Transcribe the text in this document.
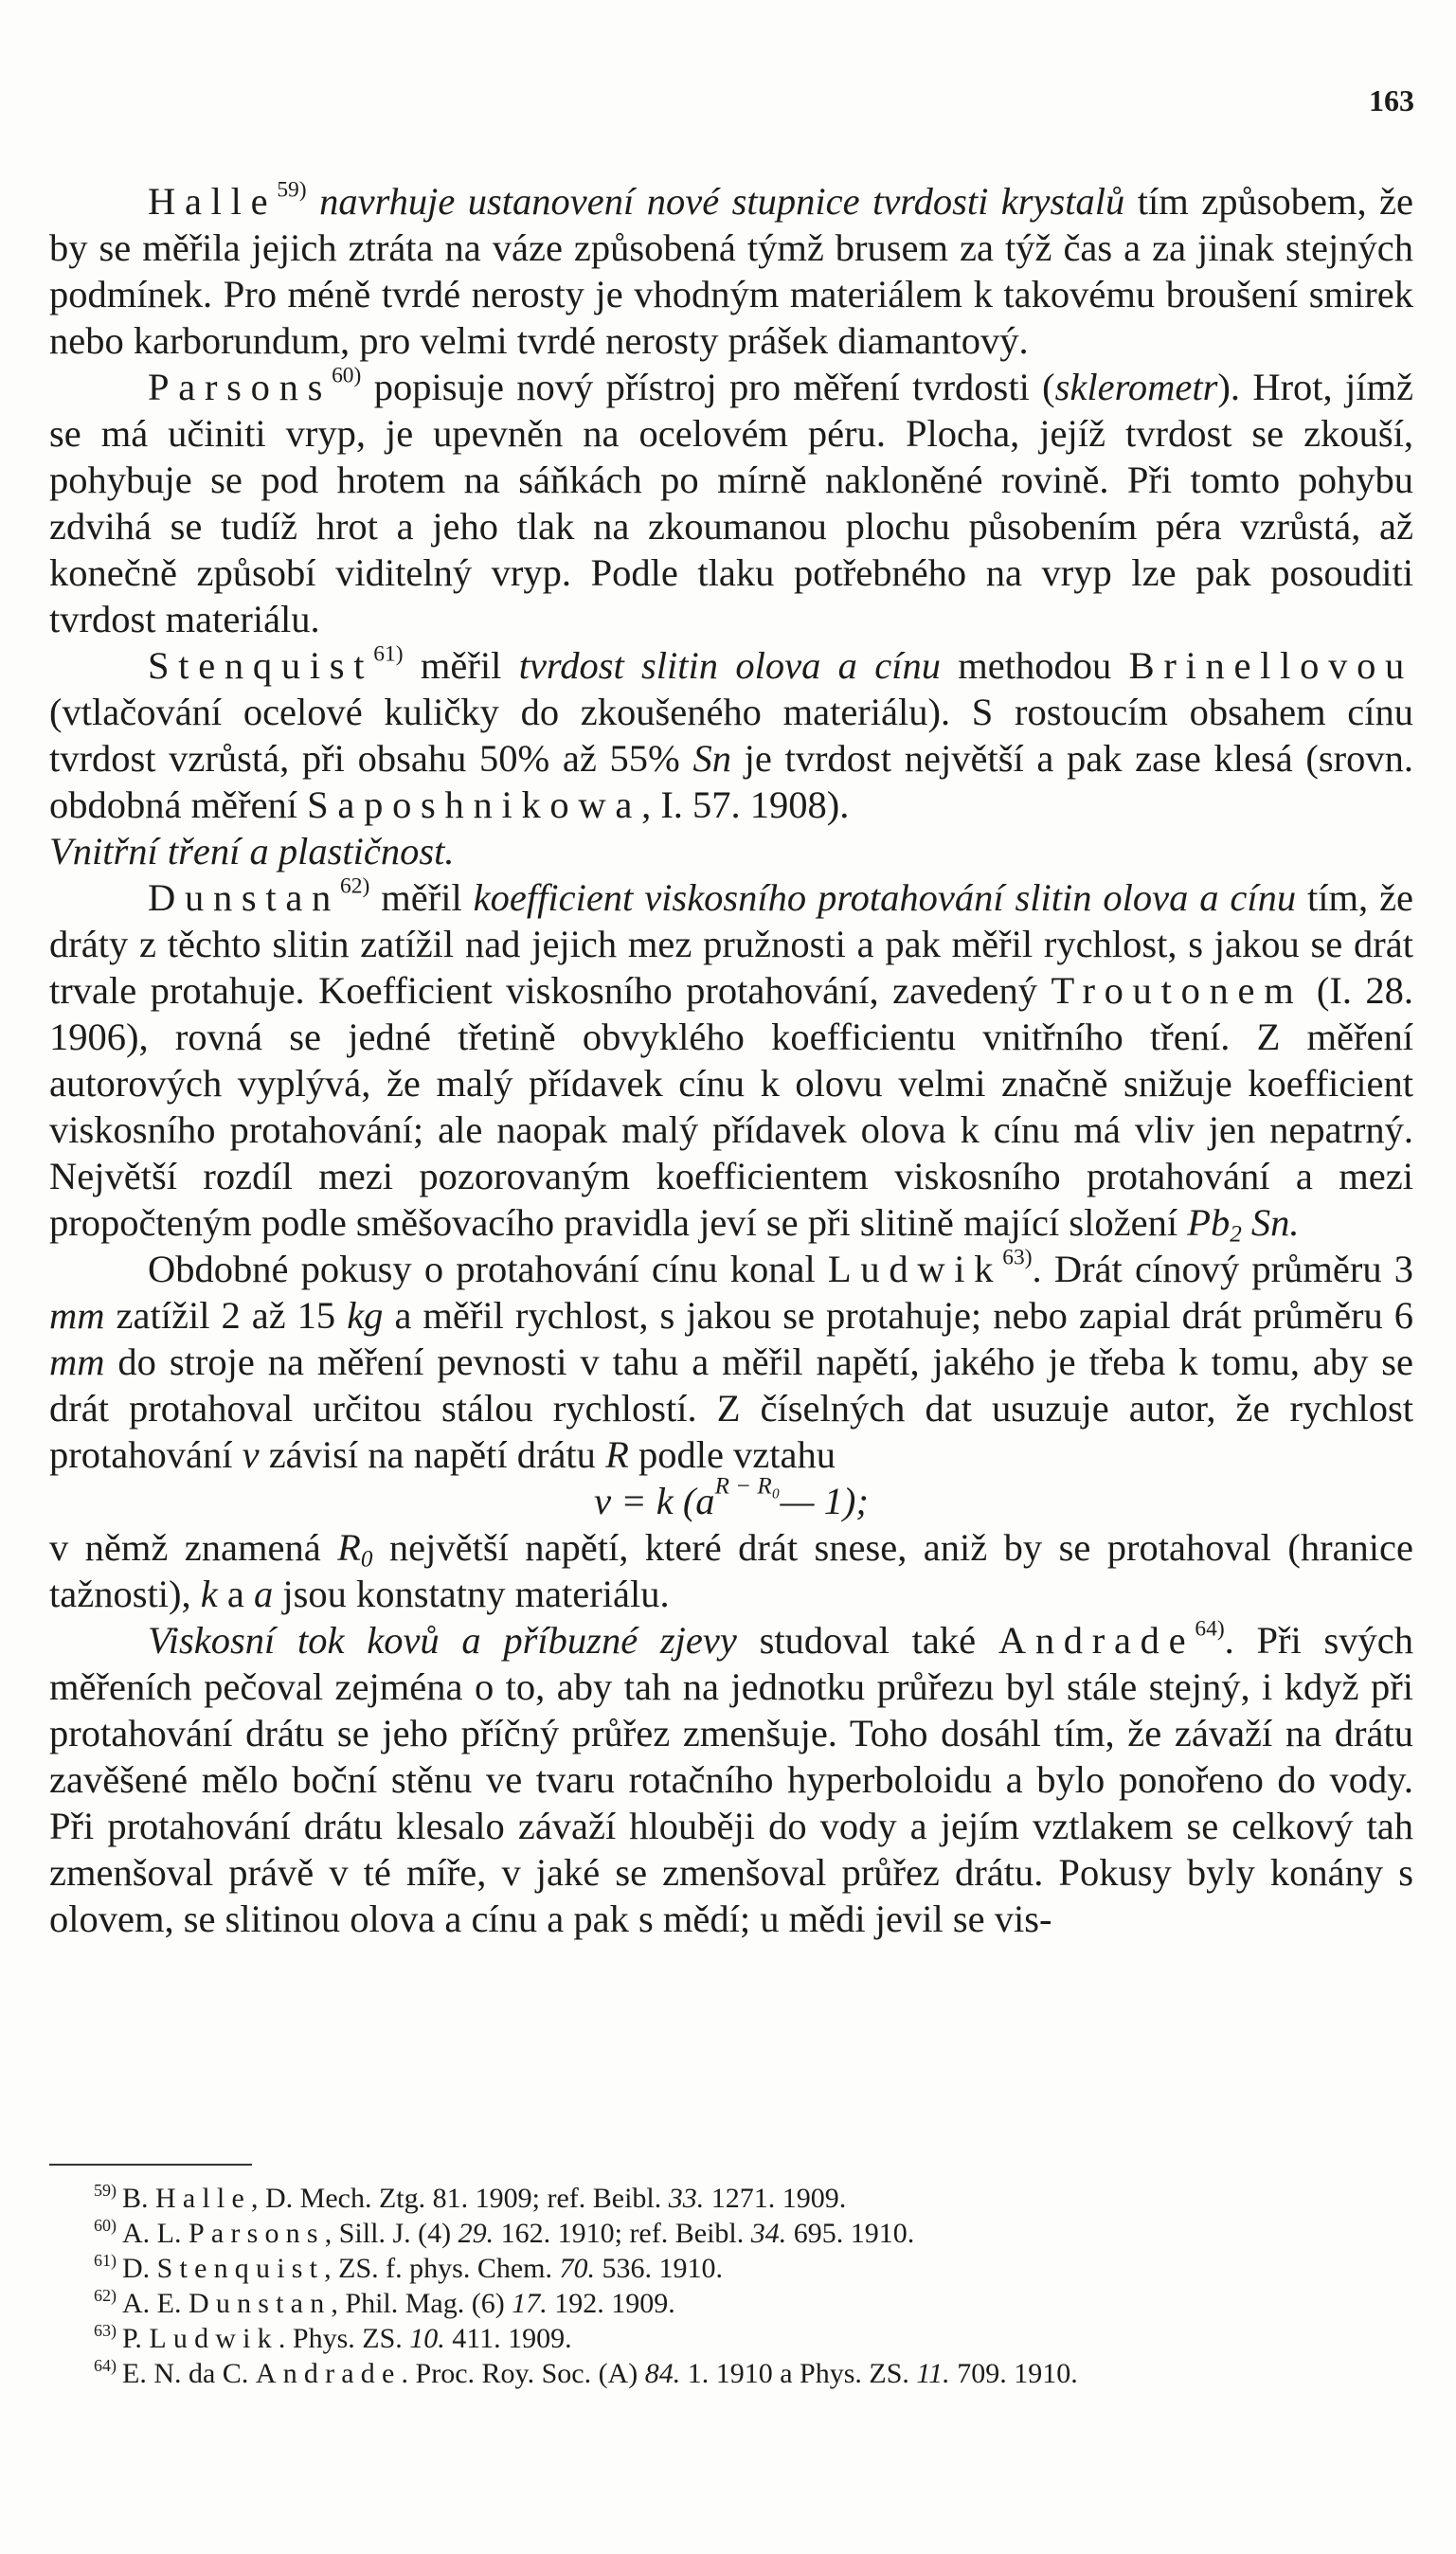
163

Halle$^{59)}$ navrhuje ustanovení nové stupnice tvrdosti krystalů tím způsobem, že by se měřila jejich ztráta na váze způsobená týmž brusem za týž čas a za jinak stejných podmínek. Pro méně tvrdé nerosty je vhodným materiálem k takovému broušení smirek nebo karborundum, pro velmi tvrdé nerosty prášek diamantový.

Parsons$^{60)}$ popisuje nový přístroj pro měření tvrdosti (sklerometr). Hrot, jímž se má učiniti vryp, je upevněn na ocelovém péru. Plocha, jejíž tvrdost se zkouší, pohybuje se pod hrotem na sáňkách po mírně nakloněné rovině. Při tomto pohybu zdvihá se tudíž hrot a jeho tlak na zkoumanou plochu působením péra vzrůstá, až konečně způsobí viditelný vryp. Podle tlaku potřebného na vryp lze pak posouditi tvrdost materiálu.

Stenquist$^{61)}$ měřil tvrdost slitin olova a cínu methodou Brinellovou (vtlačování ocelové kuličky do zkoušeného materiálu). S rostoucím obsahem cínu tvrdost vzrůstá, při obsahu 50% až 55% Sn je tvrdost největší a pak zase klesá (srovn. obdobná měření Saposhnikowa, I. 57. 1908).

Vnitřní tření a plastičnost.

Dunstan$^{62)}$ měřil koefficient viskosního protahování slitin olova a cínu tím, že dráty z těchto slitin zatížil nad jejich mez pružnosti a pak měřil rychlost, s jakou se drát trvale protahuje. Koefficient viskosního protahování, zavedený Troutonem (I. 28. 1906), rovná se jedné třetině obvyklého koefficientu vnitřního tření. Z měření autorových vyplývá, že malý přídavek cínu k olovu velmi značně snižuje koefficient viskosního protahování; ale naopak malý přídavek olova k cínu má vliv jen nepatrný. Největší rozdíl mezi pozorovaným koefficientem viskosního protahování a mezi propočteným podle směšovacího pravidla jeví se při slitině mající složení $Pb_2$ Sn.

Obdobné pokusy o protahování cínu konal Ludwik$^{63)}$. Drát cínový průměru 3 mm zatížil 2 až 15 kg a měřil rychlost, s jakou se protahuje; nebo zapial drát průměru 6 mm do stroje na měření pevnosti v tahu a měřil napětí, jakého je třeba k tomu, aby se drát protahoval určitou stálou rychlostí. Z číselných dat usuzuje autor, že rychlost protahování v závisí na napětí drátu R podle vztahu

v = k ($a^{R - R_0}—$ 1);

v němž znamená $R_0$ největší napětí, které drát snese, aniž by se protahoval (hranice tažnosti), k a a jsou konstatny materiálu.

Viskosní tok kovů a příbuzné zjevy studoval také Andrade$^{64)}$. Při svých měřeních pečoval zejména o to, aby tah na jednotku průřezu byl stále stejný, i když při protahování drátu se jeho příčný průřez zmenšuje. Toho dosáhl tím, že závaží na drátu zavěšené mělo boční stěnu ve tvaru rotačního hyperboloidu a bylo ponořeno do vody. Při protahování drátu klesalo závaží hlouběji do vody a jejím vztlakem se celkový tah zmenšoval právě v té míře, v jaké se zmenšoval průřez drátu. Pokusy byly konány s olovem, se slitinou olova a cínu a pak s mědí; u mědi jevil se vis-

$^{59)}$ B. Halle, D. Mech. Ztg. 81. 1909; ref. Beibl. 33. 1271. 1909.

$^{60)}$ A. L. Parsons, Sill. J. (4) 29. 162. 1910; ref. Beibl. 34. 695. 1910.

$^{61)}$ D. Stenquist, ZS. f. phys. Chem. 70. 536. 1910.

$^{62)}$ A. E. Dunstan, Phil. Mag. (6) 17. 192. 1909.

$^{63)}$ P. Ludwik. Phys. ZS. 10. 411. 1909.

$^{64)}$ E. N. da C. Andrade. Proc. Roy. Soc. (A) 84. 1. 1910 a Phys. ZS. 11. 709. 1910.
